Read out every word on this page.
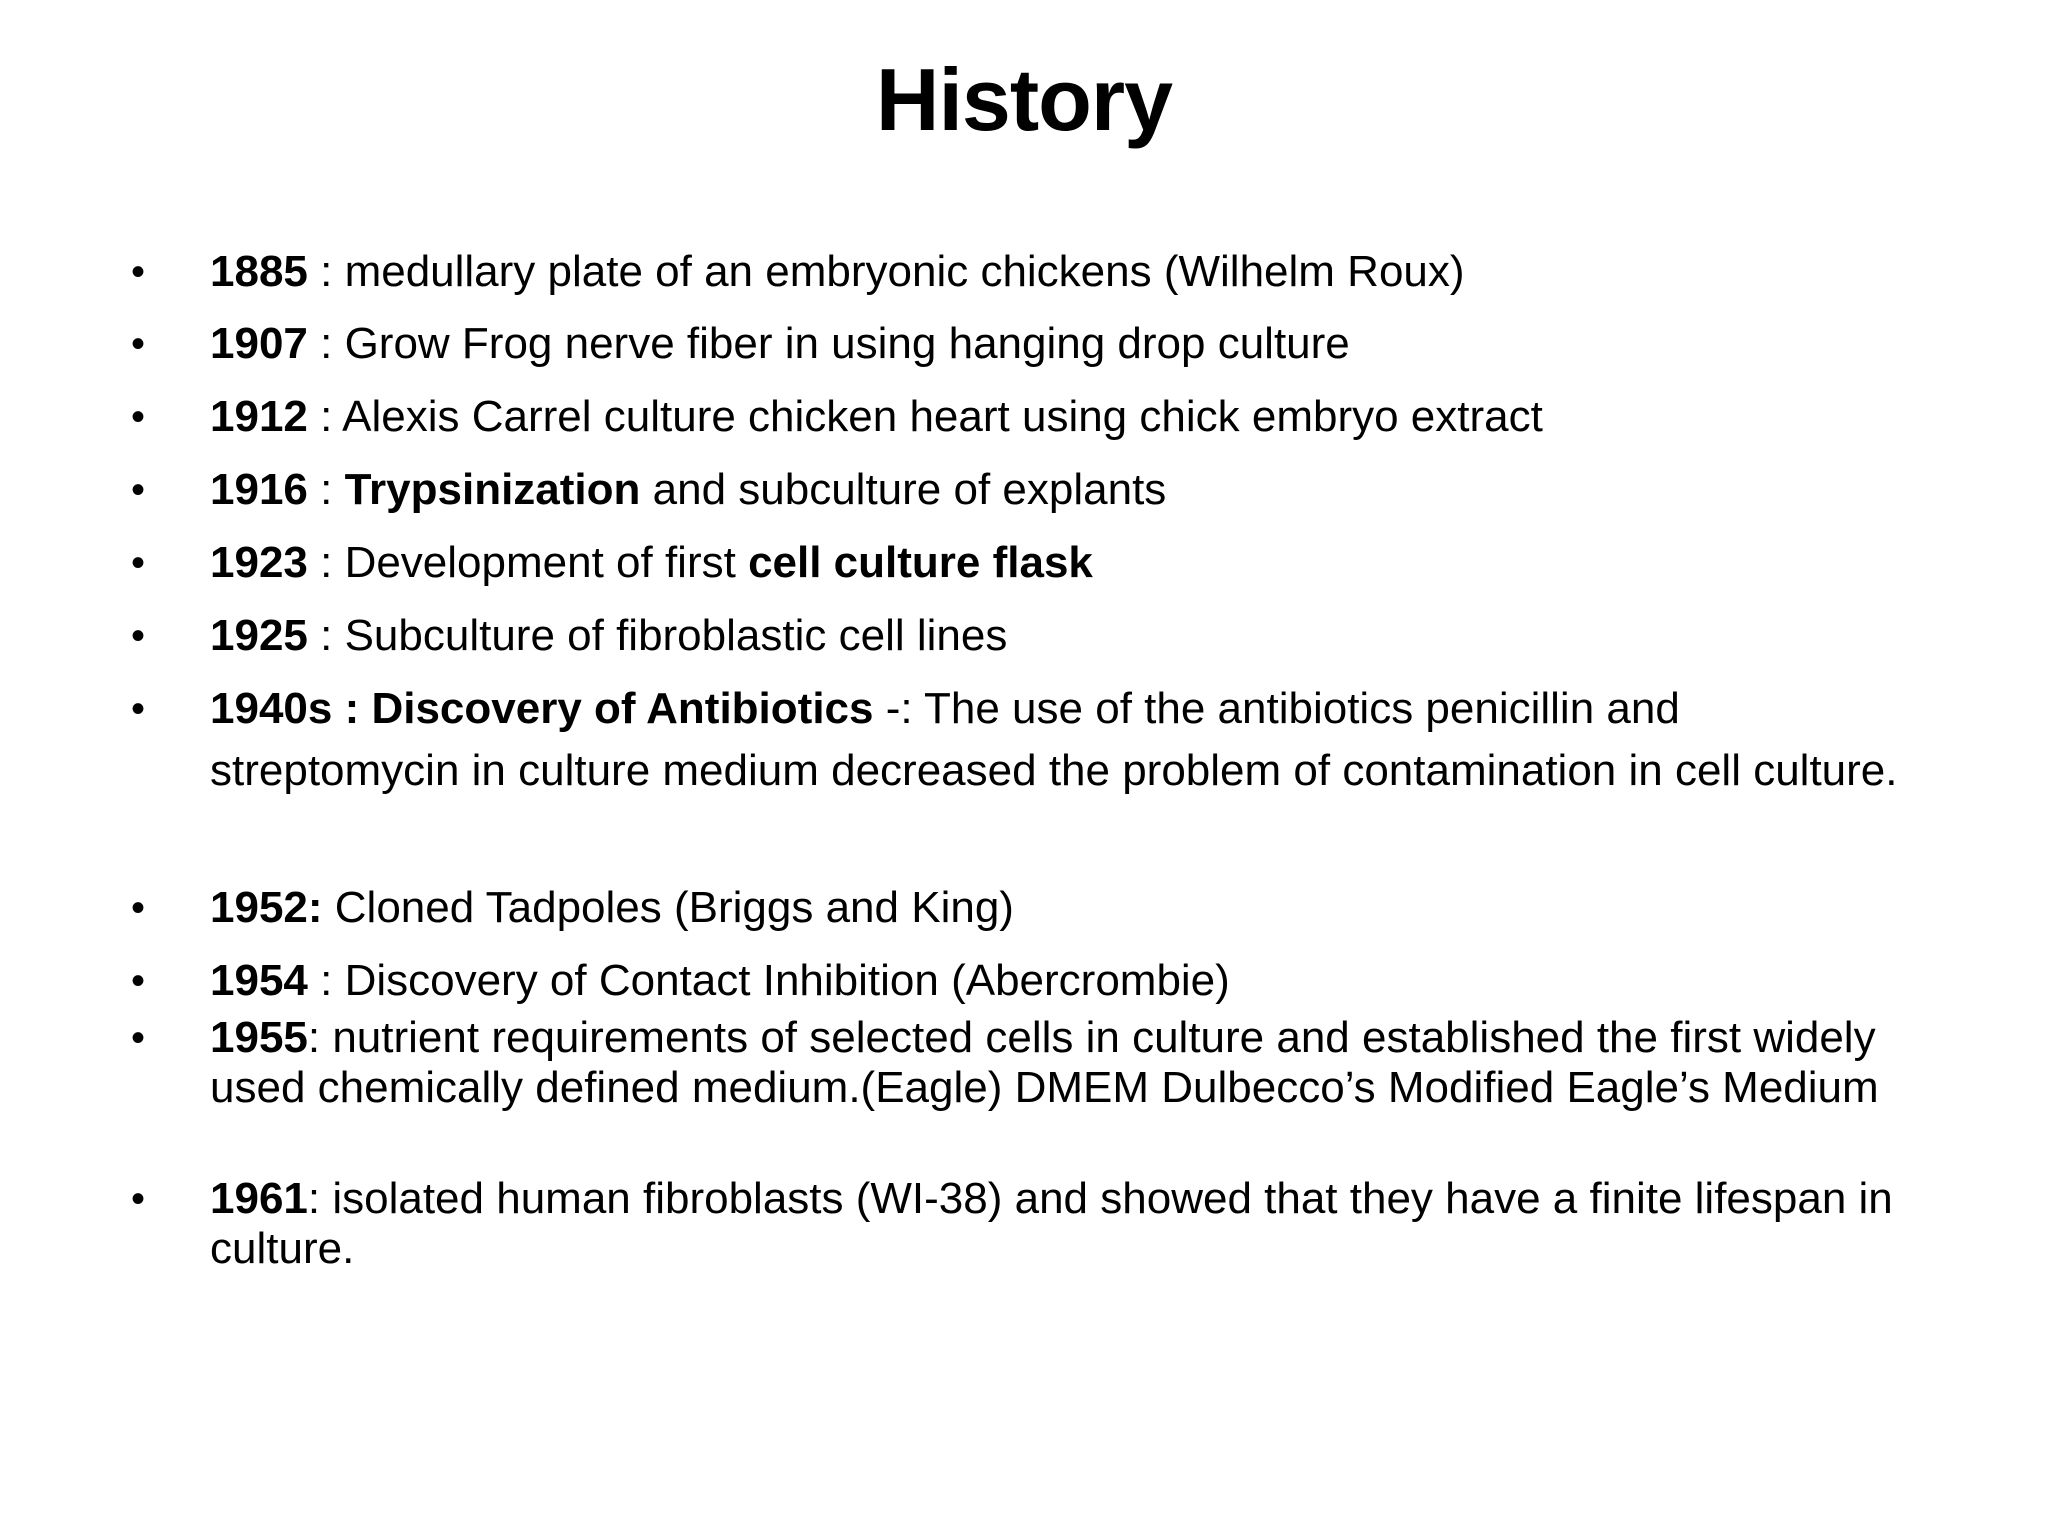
History
• 1885 : medullary plate of an embryonic chickens (Wilhelm Roux)
• 1907 : Grow Frog nerve fiber in using hanging drop culture
• 1912 : Alexis Carrel culture chicken heart using chick embryo extract
• 1916 : Trypsinization and subculture of explants
• 1923 : Development of first cell culture flask
• 1925 : Subculture of fibroblastic cell lines
• 1940s : Discovery of Antibiotics -: The use of the antibiotics penicillin and streptomycin in culture medium decreased the problem of contamination in cell culture.
• 1952: Cloned Tadpoles (Briggs and King)
• 1954 : Discovery of Contact Inhibition (Abercrombie)
• 1955: nutrient requirements of selected cells in culture and established the first widely used chemically defined medium.(Eagle) DMEM Dulbecco’s Modified Eagle’s Medium
• 1961: isolated human fibroblasts (WI-38) and showed that they have a finite lifespan in culture.
